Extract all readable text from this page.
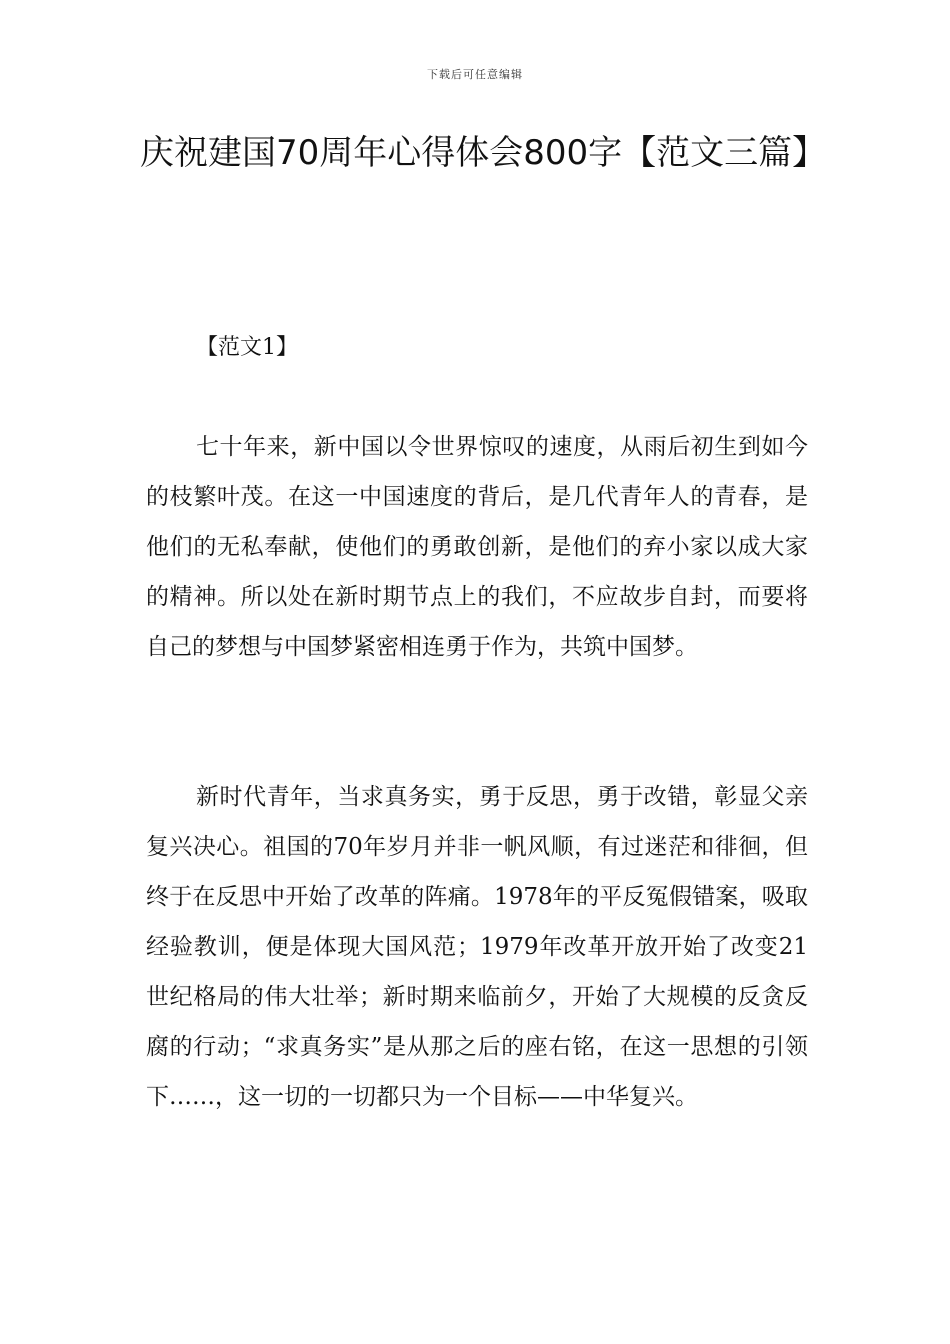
下载后可任意编辑
庆祝建国70周年心得体会800字【范文三篇】
【范文1】

七十年来，新中国以令世界惊叹的速度，从雨后初生到如今的枝繁叶茂。在这一中国速度的背后，是几代青年人的青春，是他们的无私奉献，使他们的勇敢创新，是他们的弃小家以成大家的精神。所以处在新时期节点上的我们，不应故步自封，而要将自己的梦想与中国梦紧密相连勇于作为，共筑中国梦。

新时代青年，当求真务实，勇于反思，勇于改错，彰显父亲复兴决心。祖国的70年岁月并非一帆风顺，有过迷茫和徘徊，但终于在反思中开始了改革的阵痛。1978年的平反冤假错案，吸取经验教训，便是体现大国风范；1979年改革开放开始了改变21世纪格局的伟大壮举；新时期来临前夕，开始了大规模的反贪反腐的行动；“求真务实”是从那之后的座右铭，在这一思想的引领下……，这一切的一切都只为一个目标——中华复兴。
